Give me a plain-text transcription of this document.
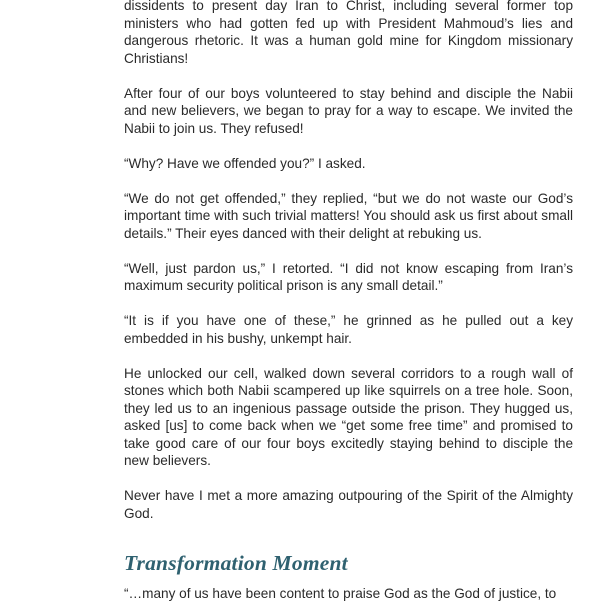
dissidents to present day Iran to Christ, including several former top ministers who had gotten fed up with President Mahmoud’s lies and dangerous rhetoric. It was a human gold mine for Kingdom missionary Christians!

After four of our boys volunteered to stay behind and disciple the Nabii and new believers, we began to pray for a way to escape. We invited the Nabii to join us. They refused!

“Why? Have we offended you?” I asked.

“We do not get offended,” they replied, “but we do not waste our God’s important time with such trivial matters! You should ask us first about small details.” Their eyes danced with their delight at rebuking us.

“Well, just pardon us,” I retorted. “I did not know escaping from Iran’s maximum security political prison is any small detail.”

“It is if you have one of these,” he grinned as he pulled out a key embedded in his bushy, unkempt hair.

He unlocked our cell, walked down several corridors to a rough wall of stones which both Nabii scampered up like squirrels on a tree hole. Soon, they led us to an ingenious passage outside the prison. They hugged us, asked [us] to come back when we “get some free time” and promised to take good care of our four boys excitedly staying behind to disciple the new believers.

Never have I met a more amazing outpouring of the Spirit of the Almighty God.

Transformation Moment

“…many of us have been content to praise God as the God of justice, to
